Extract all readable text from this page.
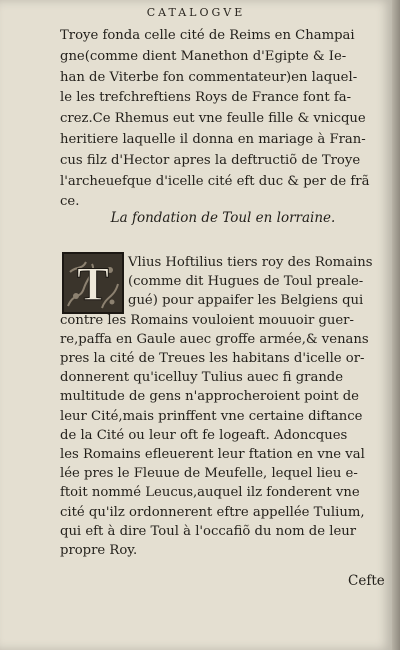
CATALOGVE
Troye fonda celle cité de Reims en Champai
gne(comme dient Manethon d'Egipte & Ie-
han de Viterbe fon commentateur)en laquel-
le les trefchreftiens Roys de France font fa-
crez.Ce Rhemus eut vne feulle fille & vnicque
heritiere laquelle il donna en mariage à Fran-
cus filz d'Hector apres la deftructiõ de Troye
l'archeuefque d'icelle cité eft duc & per de frã
ce.
La fondation de Toul en lorraine.
T	Vlius Hoftilius tiers roy des Romains
(comme dit Hugues de Toul preale-
gué) pour appaifer les Belgiens qui
contre les Romains vouloient mouuoir guer-
re,paffa en Gaule auec groffe armée,& venans
pres la cité de Treues les habitans d'icelle or-
donnerent qu'icelluy Tulius auec fi grande
multitude de gens n'approcheroient point de
leur Cité,mais prinffent vne certaine diftance
de la Cité ou leur oft fe logeaft. Adoncques
les Romains efleuerent leur ftation en vne val
lée pres le Fleuue de Meufelle, lequel lieu e-
ftoit nommé Leucus,auquel ilz fonderent vne
cité qu'ilz ordonnerent eftre appellée Tulium,
qui eft à dire Toul à l'occafiõ du nom de leur
propre Roy.
Cefte
